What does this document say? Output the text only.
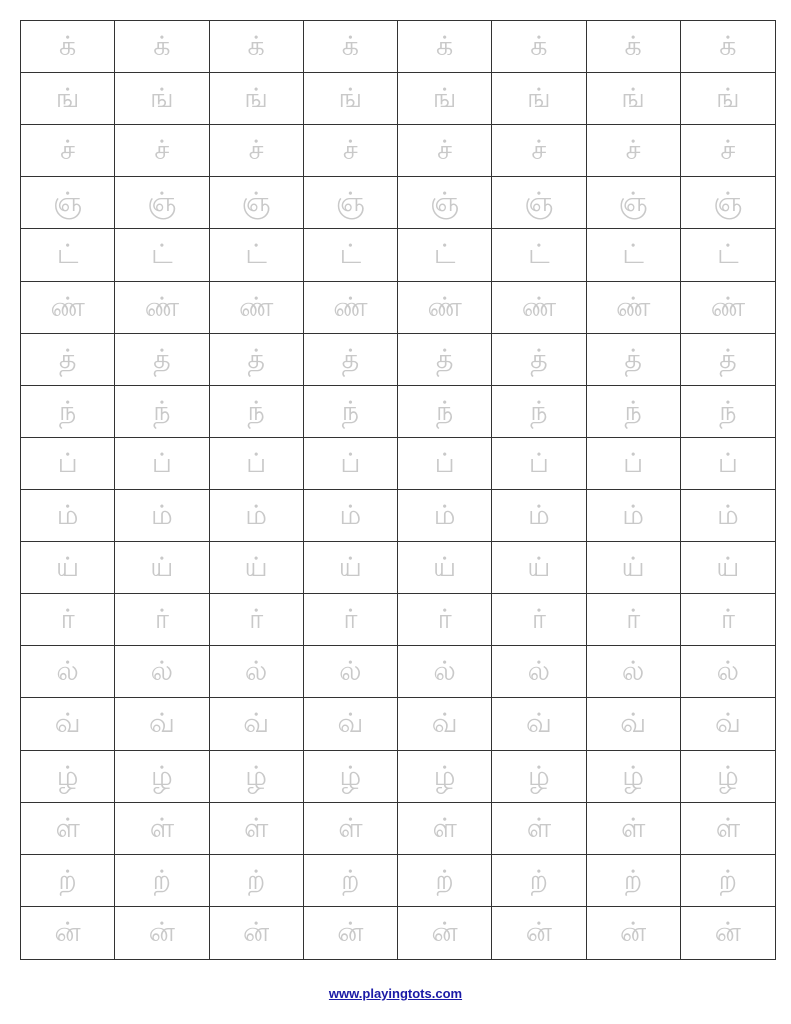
க்	க்	க்	க்	க்	க்	க்	க்
ங்	ங்	ங்	ங்	ங்	ங்	ங்	ங்
ச்	ச்	ச்	ச்	ச்	ச்	ச்	ச்
ஞ்	ஞ்	ஞ்	ஞ்	ஞ்	ஞ்	ஞ்	ஞ்
ட்	ட்	ட்	ட்	ட்	ட்	ட்	ட்
ண்	ண்	ண்	ண்	ண்	ண்	ண்	ண்
த்	த்	த்	த்	த்	த்	த்	த்
ந்	ந்	ந்	ந்	ந்	ந்	ந்	ந்
ப்	ப்	ப்	ப்	ப்	ப்	ப்	ப்
ம்	ம்	ம்	ம்	ம்	ம்	ம்	ம்
ய்	ய்	ய்	ய்	ய்	ய்	ய்	ய்
ர்	ர்	ர்	ர்	ர்	ர்	ர்	ர்
ல்	ல்	ல்	ல்	ல்	ல்	ல்	ல்
வ்	வ்	வ்	வ்	வ்	வ்	வ்	வ்
ழ்	ழ்	ழ்	ழ்	ழ்	ழ்	ழ்	ழ்
ள்	ள்	ள்	ள்	ள்	ள்	ள்	ள்
ற்	ற்	ற்	ற்	ற்	ற்	ற்	ற்
ன்	ன்	ன்	ன்	ன்	ன்	ன்	ன்
www.playingtots.com
